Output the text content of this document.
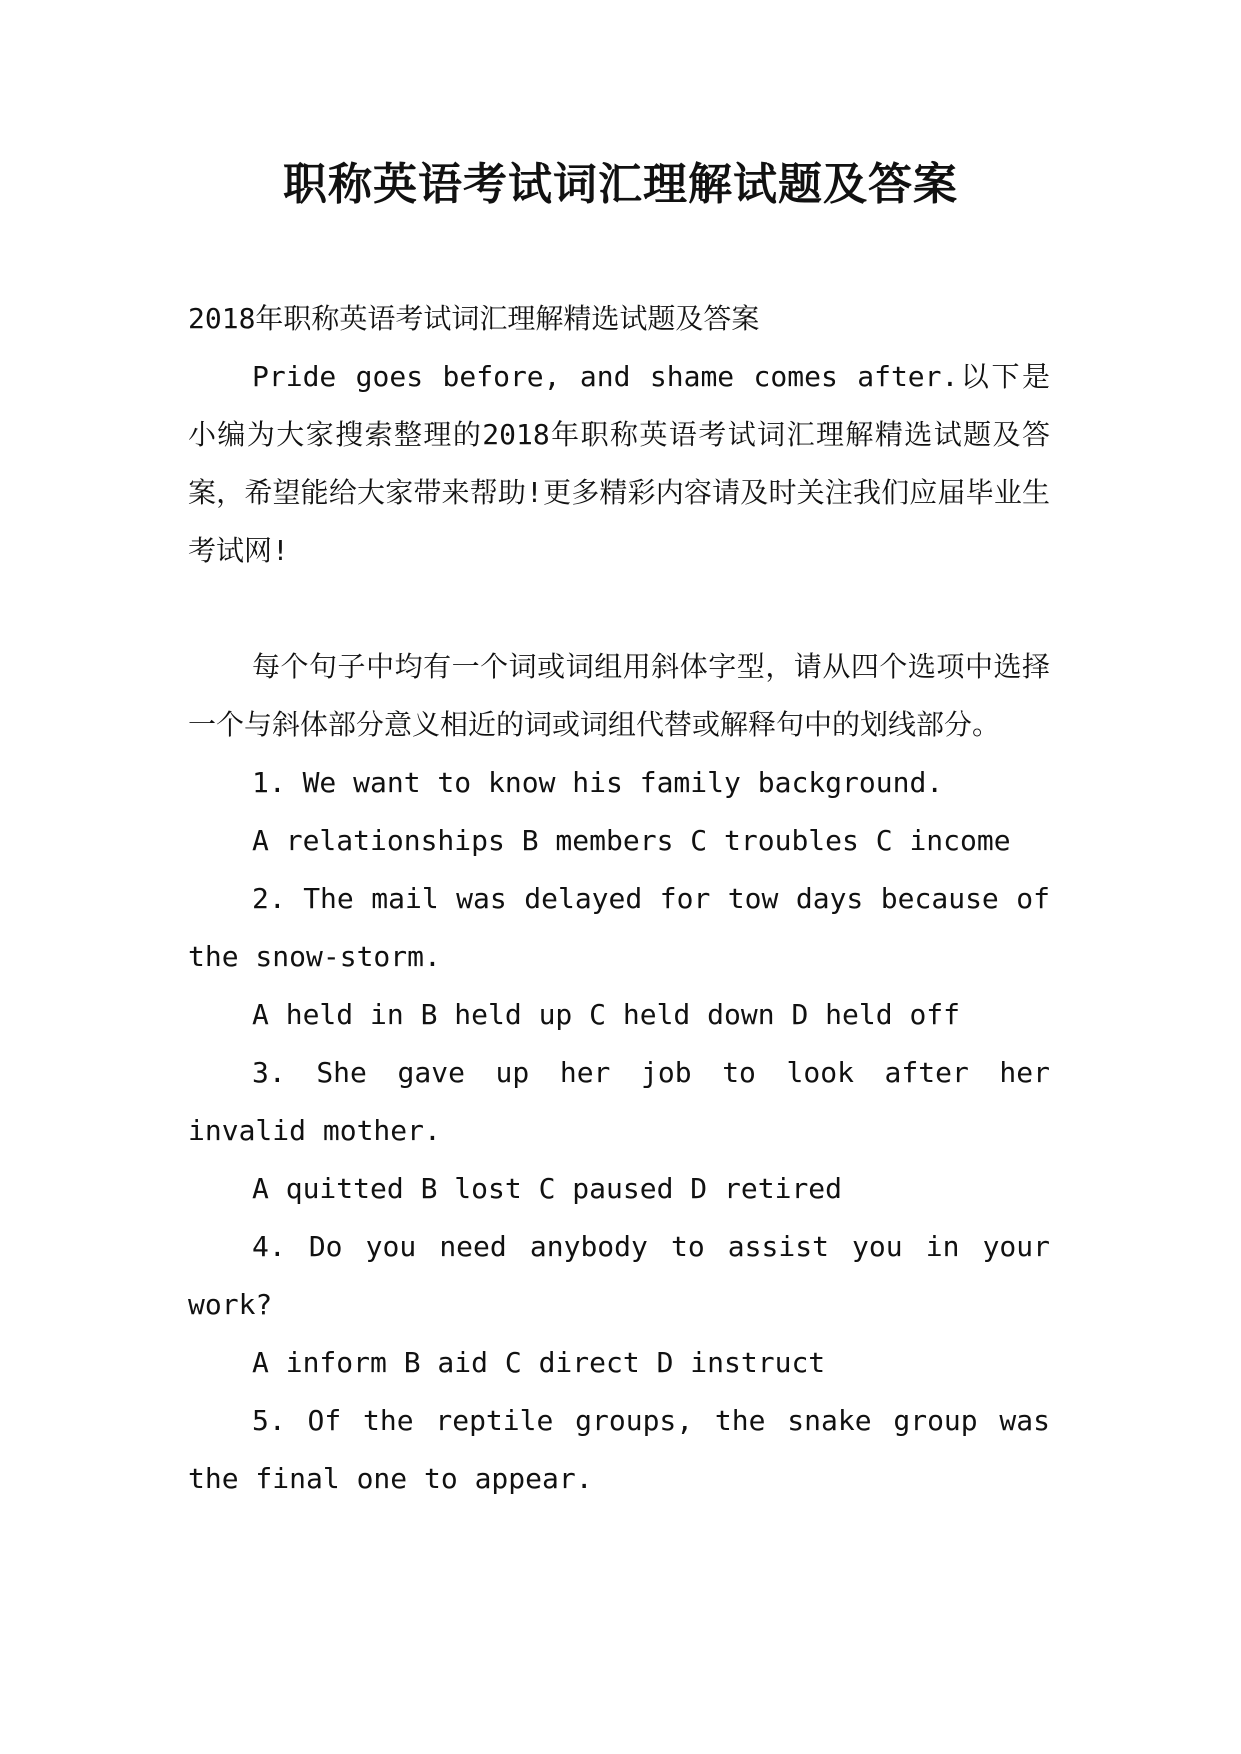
职称英语考试词汇理解试题及答案

2018年职称英语考试词汇理解精选试题及答案

Pride goes before, and shame comes after.以下是小编为大家搜索整理的2018年职称英语考试词汇理解精选试题及答案，希望能给大家带来帮助!更多精彩内容请及时关注我们应届毕业生考试网!

每个句子中均有一个词或词组用斜体字型，请从四个选项中选择一个与斜体部分意义相近的词或词组代替或解释句中的划线部分。

1. We want to know his family background.

A relationships B members C troubles C income

2. The mail was delayed for tow days because of the snow-storm.

A held in B held up C held down D held off

3. She gave up her job to look after her invalid mother.

A quitted B lost C paused D retired

4. Do you need anybody to assist you in your work?

A inform B aid C direct D instruct

5. Of the reptile groups, the snake group was the final one to appear.
